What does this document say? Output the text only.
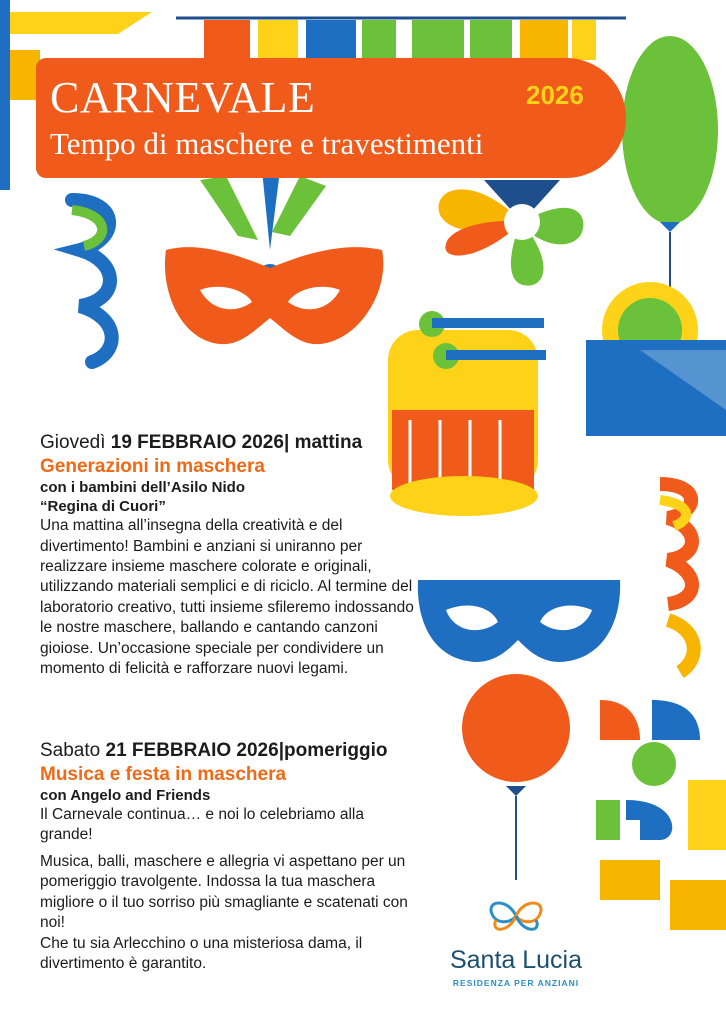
CARNEVALE	2026
Tempo di maschere e travestimenti
Giovedì 19 FEBBRAIO 2026| mattina
Generazioni in maschera
con i bambini dell’Asilo Nido
“Regina di Cuori”

Una mattina all’insegna della creatività e del divertimento! Bambini e anziani si uniranno per realizzare insieme maschere colorate e originali, utilizzando materiali semplici e di riciclo. Al termine del laboratorio creativo, tutti insieme sfileremo indossando le nostre maschere, ballando e cantando canzoni gioiose. Un’occasione speciale per condividere un momento di felicità e rafforzare nuovi legami.

Sabato 21 FEBBRAIO 2026|pomeriggio
Musica e festa in maschera
con Angelo and Friends

Il Carnevale continua… e noi lo celebriamo alla grande!

Musica, balli, maschere e allegria vi aspettano per un pomeriggio travolgente. Indossa la tua maschera migliore o il tuo sorriso più smagliante e scatenati con noi!

Che tu sia Arlecchino o una misteriosa dama, il divertimento è garantito.	Santa Lucia
RESIDENZA PER ANZIANI
